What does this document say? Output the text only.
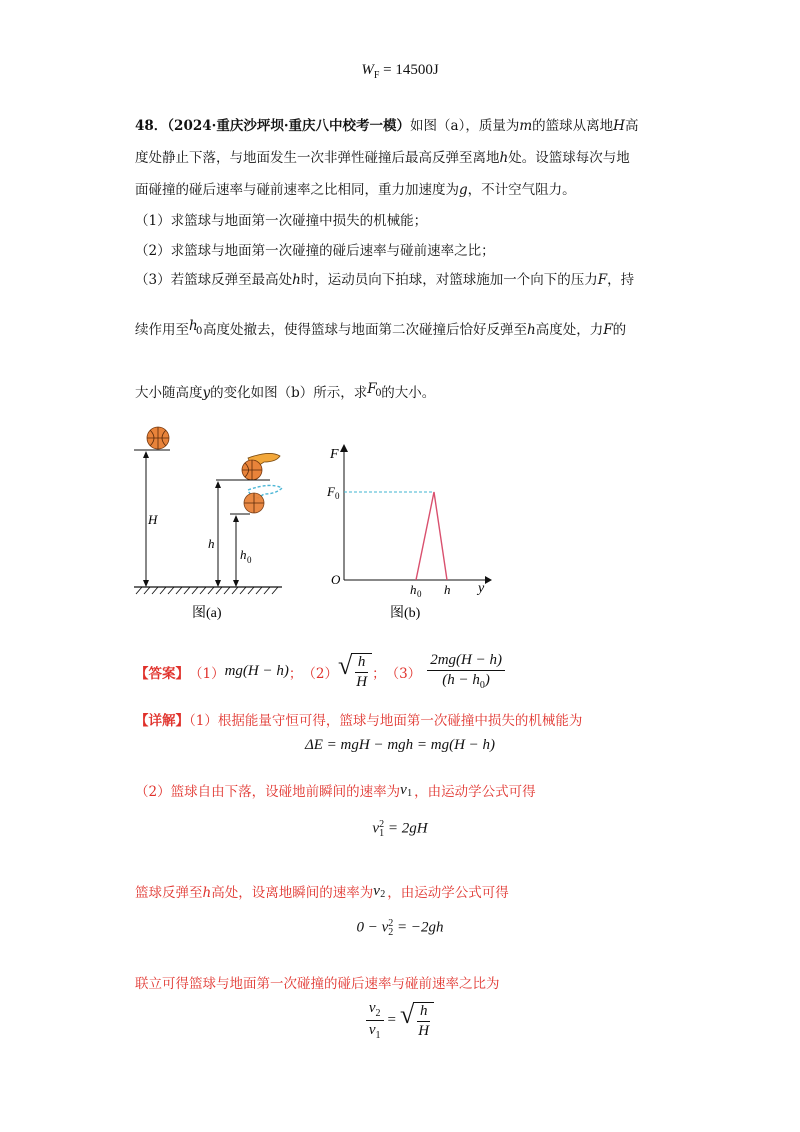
$W_F = 14500J$
48．（2024·重庆沙坪坝·重庆八中校考一模）如图（a），质量为m的篮球从离地H高
度处静止下落，与地面发生一次非弹性碰撞后最高反弹至离地h处。设篮球每次与地
面碰撞的碰后速率与碰前速率之比相同，重力加速度为g，不计空气阻力。
（1）求篮球与地面第一次碰撞中损失的机械能；
（2）求篮球与地面第一次碰撞的碰后速率与碰前速率之比；
（3）若篮球反弹至最高处h时，运动员向下拍球，对篮球施加一个向下的压力F，持
续作用至 h
0 高度处撤去，使得篮球与地面第二次碰撞后恰好反弹至h高度处，力F的
大小随高度y的变化如图（b）所示，求 F
0 的大小。
H
h
h 0
图(a)
F
y
O
F 0
h 0 h
图(b)
【答案】 （1） mg(H − h) ； （2） √ $\frac{h}{H}$ ； $(3) \frac{2mg(H - h)}{(h - h_0)}$
【详解】（1）根据能量守恒可得，篮球与地面第一次碰撞中损失的机械能为
ΔE = mgH − mgh = mg(H − h)
（2）篮球自由下落，设碰地前瞬间的速率为 v 1 ，由运动学公式可得
v 2
1 = 2gH
篮球反弹至h高处，设离地瞬间的速率为 v 2 ，由运动学公式可得
0 − v 2
2 = −2gh
联立可得篮球与地面第一次碰撞的碰后速率与碰前速率之比为
$\frac{v_2}{v_1}$ = √ $\frac{h}{H}$
